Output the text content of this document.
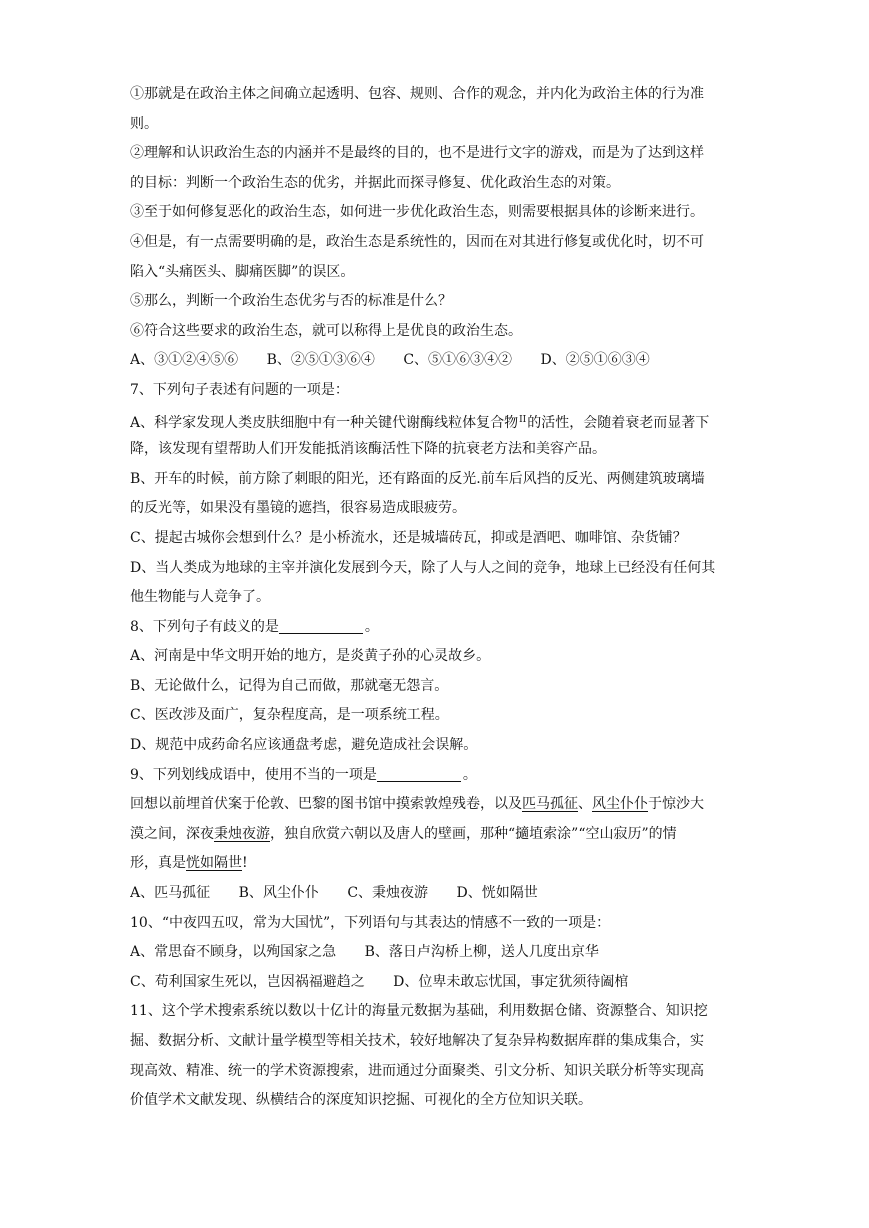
①那就是在政治主体之间确立起透明、包容、规则、合作的观念，并内化为政治主体的行为准
则。
②理解和认识政治生态的内涵并不是最终的目的，也不是进行文字的游戏，而是为了达到这样
的目标：判断一个政治生态的优劣，并据此而探寻修复、优化政治生态的对策。
③至于如何修复恶化的政治生态，如何进一步优化政治生态，则需要根据具体的诊断来进行。
④但是，有一点需要明确的是，政治生态是系统性的，因而在对其进行修复或优化时，切不可
陷入“头痛医头、脚痛医脚”的误区。
⑤那么，判断一个政治生态优劣与否的标准是什么？
⑥符合这些要求的政治生态，就可以称得上是优良的政治生态。
A、③①②④⑤⑥ B、②⑤①③⑥④ C、⑤①⑥③④② D、②⑤①⑥③④
7、下列句子表述有问题的一项是：
A、科学家发现人类皮肤细胞中有一种关键代谢酶线粒体复合物$^{II}$的活性，会随着衰老而显著下
降，该发现有望帮助人们开发能抵消该酶活性下降的抗衰老方法和美容产品。
B、开车的时候，前方除了刺眼的阳光，还有路面的反光.前车后风挡的反光、两侧建筑玻璃墙
的反光等，如果没有墨镜的遮挡，很容易造成眼疲劳。
C、提起古城你会想到什么？是小桥流水，还是城墙砖瓦，抑或是酒吧、咖啡馆、杂货铺？
D、当人类成为地球的主宰并演化发展到今天，除了人与人之间的竞争，地球上已经没有任何其
他生物能与人竞争了。
8、下列句子有歧义的是	。
A、河南是中华文明开始的地方，是炎黄子孙的心灵故乡。
B、无论做什么，记得为自己而做，那就毫无怨言。
C、医改涉及面广，复杂程度高，是一项系统工程。
D、规范中成药命名应该通盘考虑，避免造成社会误解。
9、下列划线成语中，使用不当的一项是	。
回想以前埋首伏案于伦敦、巴黎的图书馆中摸索敦煌残卷，以及匹马孤征、风尘仆仆于惊沙大
漠之间，深夜秉烛夜游，独自欣赏六朝以及唐人的壁画，那种“擿埴索涂”“空山寂历”的情
形，真是恍如隔世!
A、匹马孤征 B、风尘仆仆 C、秉烛夜游 D、恍如隔世
10、“中夜四五叹，常为大国忧”，下列语句与其表达的情感不一致的一项是：
A、常思奋不顾身，以殉国家之急 B、落日卢沟桥上柳，送人几度出京华
C、苟利国家生死以，岂因祸福避趋之 D、位卑未敢忘忧国，事定犹须待阖棺
11、这个学术搜索系统以数以十亿计的海量元数据为基础，利用数据仓储、资源整合、知识挖
掘、数据分析、文献计量学模型等相关技术，较好地解决了复杂异构数据库群的集成集合，实
现高效、精准、统一的学术资源搜索，进而通过分面聚类、引文分析、知识关联分析等实现高
价值学术文献发现、纵横结合的深度知识挖掘、可视化的全方位知识关联。
